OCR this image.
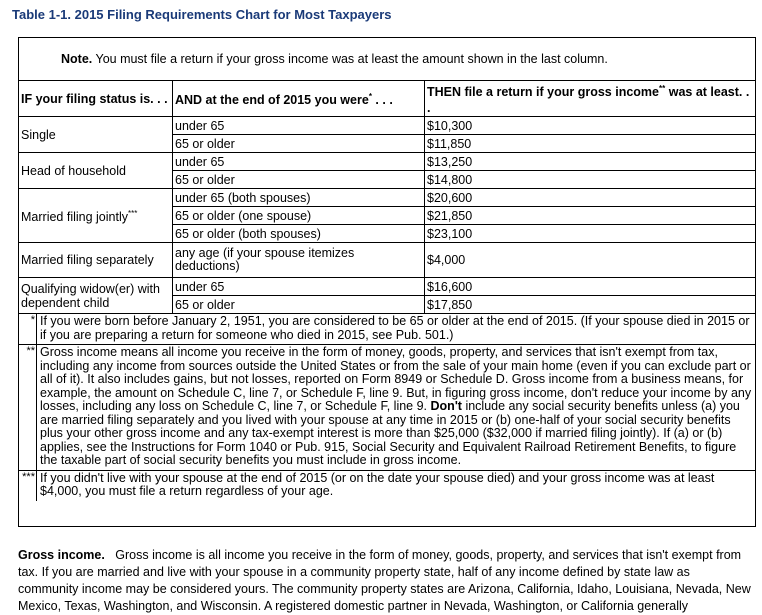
Table 1-1. 2015 Filing Requirements Chart for Most Taxpayers
Note. You must file a return if your gross income was at least the amount shown in the last column.
IF your filing status is. . .	AND at the end of 2015 you were* . . .	THEN file a return if your gross income** was at least. . .
Single	under 65	$10,300
	65 or older	$11,850
Head of household	under 65	$13,250
	65 or older	$14,800
Married filing jointly***	under 65 (both spouses)	$20,600
	65 or older (one spouse)	$21,850
	65 or older (both spouses)	$23,100
Married filing separately	any age (if your spouse itemizes deductions)	$4,000
Qualifying widow(er) with dependent child	under 65	$16,600
	65 or older	$17,850
* If you were born before January 2, 1951, you are considered to be 65 or older at the end of 2015. (If your spouse died in 2015 or if you are preparing a return for someone who died in 2015, see Pub. 501.)
** Gross income means all income you receive in the form of money, goods, property, and services that isn't exempt from tax, including any income from sources outside the United States or from the sale of your main home (even if you can exclude part or all of it). It also includes gains, but not losses, reported on Form 8949 or Schedule D. Gross income from a business means, for example, the amount on Schedule C, line 7, or Schedule F, line 9. But, in figuring gross income, don't reduce your income by any losses, including any loss on Schedule C, line 7, or Schedule F, line 9. Don't include any social security benefits unless (a) you are married filing separately and you lived with your spouse at any time in 2015 or (b) one-half of your social security benefits plus your other gross income and any tax-exempt interest is more than $25,000 ($32,000 if married filing jointly). If (a) or (b) applies, see the Instructions for Form 1040 or Pub. 915, Social Security and Equivalent Railroad Retirement Benefits, to figure the taxable part of social security benefits you must include in gross income.
*** If you didn't live with your spouse at the end of 2015 (or on the date your spouse died) and your gross income was at least $4,000, you must file a return regardless of your age.
Gross income. Gross income is all income you receive in the form of money, goods, property, and services that isn't exempt from tax. If you are married and live with your spouse in a community property state, half of any income defined by state law as community income may be considered yours. The community property states are Arizona, California, Idaho, Louisiana, Nevada, New Mexico, Texas, Washington, and Wisconsin. A registered domestic partner in Nevada, Washington, or California generally
